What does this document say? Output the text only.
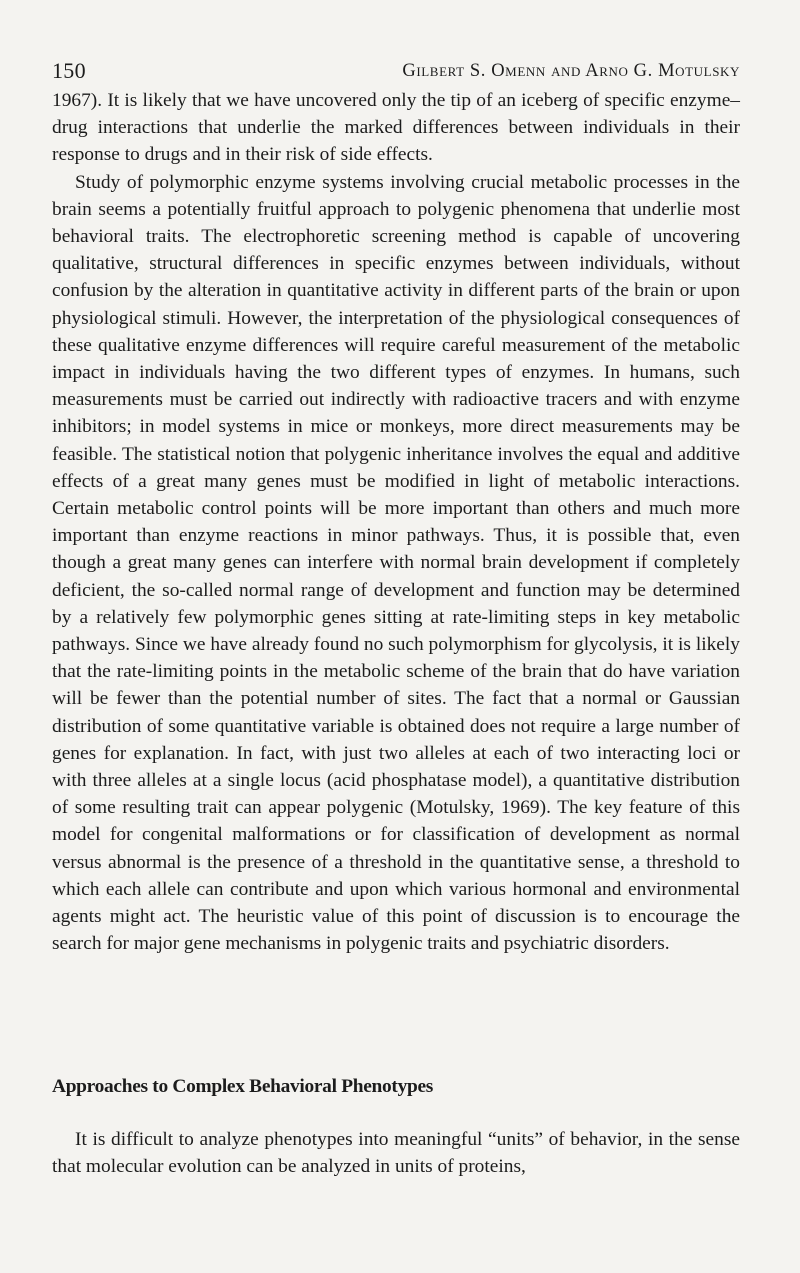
150	Gilbert S. Omenn and Arno G. Motulsky

1967). It is likely that we have uncovered only the tip of an iceberg of specific enzyme–drug interactions that underlie the marked differences between individuals in their response to drugs and in their risk of side effects.

Study of polymorphic enzyme systems involving crucial metabolic processes in the brain seems a potentially fruitful approach to polygenic phenomena that underlie most behavioral traits. The electrophoretic screening method is capable of uncovering qualitative, structural differences in specific enzymes between individuals, without confusion by the alteration in quantitative activity in different parts of the brain or upon physiological stimuli. However, the interpretation of the physiological consequences of these qualitative enzyme differences will require careful measurement of the metabolic impact in individuals having the two different types of enzymes. In humans, such measurements must be carried out indirectly with radioactive tracers and with enzyme inhibitors; in model systems in mice or monkeys, more direct measurements may be feasible. The statistical notion that polygenic inheritance involves the equal and additive effects of a great many genes must be modified in light of metabolic interactions. Certain metabolic control points will be more important than others and much more important than enzyme reactions in minor pathways. Thus, it is possible that, even though a great many genes can interfere with normal brain development if completely deficient, the so-called normal range of development and function may be determined by a relatively few polymorphic genes sitting at rate-limiting steps in key metabolic pathways. Since we have already found no such polymorphism for glycolysis, it is likely that the rate-limiting points in the metabolic scheme of the brain that do have variation will be fewer than the potential number of sites. The fact that a normal or Gaussian distribution of some quantitative variable is obtained does not require a large number of genes for explanation. In fact, with just two alleles at each of two interacting loci or with three alleles at a single locus (acid phosphatase model), a quantitative distribution of some resulting trait can appear polygenic (Motulsky, 1969). The key feature of this model for congenital malformations or for classification of development as normal versus abnormal is the presence of a threshold in the quantitative sense, a threshold to which each allele can contribute and upon which various hormonal and environmental agents might act. The heuristic value of this point of discussion is to encourage the search for major gene mechanisms in polygenic traits and psychiatric disorders.

Approaches to Complex Behavioral Phenotypes

It is difficult to analyze phenotypes into meaningful “units” of behavior, in the sense that molecular evolution can be analyzed in units of proteins,
